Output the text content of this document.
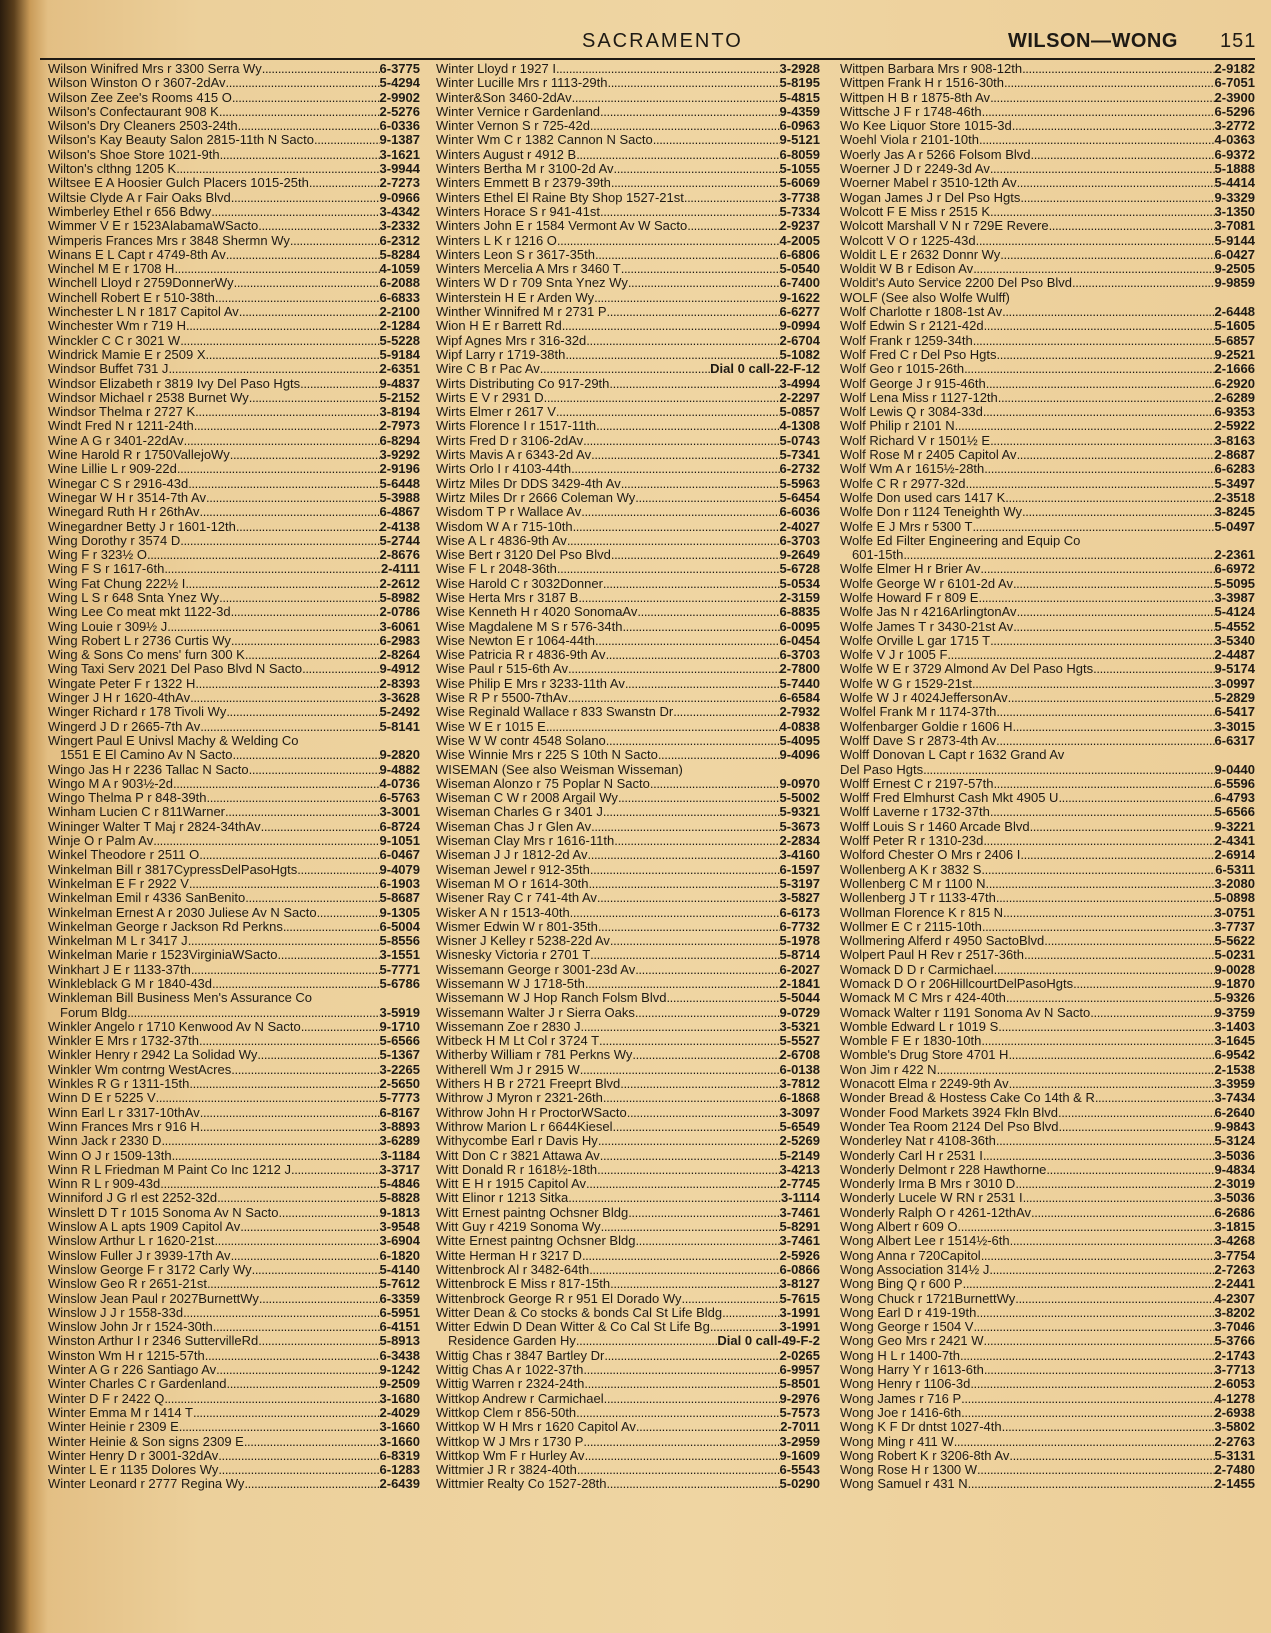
SACRAMENTO	WILSON—WONG 151
Wilson Winifred Mrs r 3300 Serra Wy . . .	6-3775
Wilson Winston O r 3607-2dAv . . .	5-4294
Wilson Zee Zee's Rooms 415 O . . .	2-9902
Wilson's Confectaurant 908 K . . .	2-5276
Wilson's Dry Cleaners 2503-24th . . .	6-0336
Wilson's Kay Beauty Salon 2815-11th N Sacto . . .	9-1387
Wilson's Shoe Store 1021-9th . . .	3-1621
Wilton's clthng 1205 K . . .	3-9944
Wiltsee E A Hoosier Gulch Placers 1015-25th . . .	2-7273
Wiltsie Clyde A r Fair Oaks Blvd . . .	9-0966
Wimberley Ethel r 656 Bdwy . . .	3-4342
Wimmer V E r 1523AlabamaWSacto . . .	3-2332
Wimperis Frances Mrs r 3848 Shermn Wy . . .	6-2312
Winans E L Capt r 4749-8th Av . . .	5-8284
Winchel M E r 1708 H . . .	4-1059
Winchell Lloyd r 2759DonnerWy . . .	6-2088
Winchell Robert E r 510-38th . . .	6-6833
Winchester L N r 1817 Capitol Av . . .	2-2100
Winchester Wm r 719 H . . .	2-1284
Winckler C C r 3021 W . . .	5-5228
Windrick Mamie E r 2509 X . . .	5-9184
Windsor Buffet 731 J . . .	2-6351
Windsor Elizabeth r 3819 Ivy Del Paso Hgts . . .	9-4837
Windsor Michael r 2538 Burnet Wy . . .	5-2152
Windsor Thelma r 2727 K . . .	3-8194
Windt Fred N r 1211-24th . . .	2-7973
Wine A G r 3401-22dAv . . .	6-8294
Wine Harold R r 1750VallejoWy . . .	3-9292
Wine Lillie L r 909-22d . . .	2-9196
Winegar C S r 2916-43d . . .	5-6448
Winegar W H r 3514-7th Av . . .	5-3988
Winegard Ruth H r 26thAv . . .	6-4867
Winegardner Betty J r 1601-12th . . .	2-4138
Wing Dorothy r 3574 D . . .	5-2744
Wing F r 323½ O . . .	2-8676
Wing F S r 1617-6th . . .	2-4111
Wing Fat Chung 222½ I . . .	2-2612
Wing L S r 648 Snta Ynez Wy . . .	5-8982
Wing Lee Co meat mkt 1122-3d . . .	2-0786
Wing Louie r 309½ J . . .	3-6061
Wing Robert L r 2736 Curtis Wy . . .	6-2983
Wing & Sons Co mens' furn 300 K . . .	2-8264
Wing Taxi Serv 2021 Del Paso Blvd N Sacto . . .	9-4912
Wingate Peter F r 1322 H . . .	2-8393
Winger J H r 1620-4thAv . . .	3-3628
Winger Richard r 178 Tivoli Wy . . .	5-2492
Wingerd J D r 2665-7th Av . . .	5-8141
Wingert Paul E Univsl Machy & Welding Co
1551 E El Camino Av N Sacto . . .	9-2820
Wingo Jas H r 2236 Tallac N Sacto . . .	9-4882
Wingo M A r 903½-2d . . .	4-0736
Wingo Thelma P r 848-39th . . .	6-5763
Winham Lucien C r 811Warner . . .	3-3001
Wininger Walter T Maj r 2824-34thAv . . .	6-8724
Winje O r Palm Av . . .	9-1051
Winkel Theodore r 2511 O . . .	6-0467
Winkelman Bill r 3817CypressDelPasoHgts . . .	9-4079
Winkelman E F r 2922 V . . .	6-1903
Winkelman Emil r 4336 SanBenito . . .	5-8687
Winkelman Ernest A r 2030 Juliese Av N Sacto . . .	9-1305
Winkelman George r Jackson Rd Perkns . . .	6-5004
Winkelman M L r 3417 J . . .	5-8556
Winkelman Marie r 1523VirginiaWSacto . . .	3-1551
Winkhart J E r 1133-37th . . .	5-7771
Winkleblack G M r 1840-43d . . .	5-6786
Winkleman Bill Business Men's Assurance Co
Forum Bldg . . .	3-5919
Winkler Angelo r 1710 Kenwood Av N Sacto . . .	9-1710
Winkler E Mrs r 1732-37th . . .	5-6566
Winkler Henry r 2942 La Solidad Wy . . .	5-1367
Winkler Wm contrng WestAcres . . .	3-2265
Winkles R G r 1311-15th . . .	2-5650
Winn D E r 5225 V . . .	5-7773
Winn Earl L r 3317-10thAv . . .	6-8167
Winn Frances Mrs r 916 H . . .	3-8893
Winn Jack r 2330 D . . .	3-6289
Winn O J r 1509-13th . . .	3-1184
Winn R L Friedman M Paint Co Inc 1212 J . . .	3-3717
Winn R L r 909-43d . . .	5-4846
Winniford J G rl est 2252-32d . . .	5-8828
Winslett D T r 1015 Sonoma Av N Sacto . . .	9-1813
Winslow A L apts 1909 Capitol Av . . .	3-9548
Winslow Arthur L r 1620-21st . . .	3-6904
Winslow Fuller J r 3939-17th Av . . .	6-1820
Winslow George F r 3172 Carly Wy . . .	5-4140
Winslow Geo R r 2651-21st . . .	5-7612
Winslow Jean Paul r 2027BurnettWy . . .	6-3359
Winslow J J r 1558-33d . . .	6-5951
Winslow John Jr r 1524-30th . . .	6-4151
Winston Arthur I r 2346 SuttervilleRd . . .	5-8913
Winston Wm H r 1215-57th . . .	6-3438
Winter A G r 226 Santiago Av . . .	9-1242
Winter Charles C r Gardenland . . .	9-2509
Winter D F r 2422 Q . . .	3-1680
Winter Emma M r 1414 T . . .	2-4029
Winter Heinie r 2309 E . . .	3-1660
Winter Heinie & Son signs 2309 E . . .	3-1660
Winter Henry D r 3001-32dAv . . .	6-8319
Winter L E r 1135 Dolores Wy . . .	6-1283
Winter Leonard r 2777 Regina Wy . . .	2-6439
Winter Lloyd r 1927 I . . .	3-2928
Winter Lucille Mrs r 1113-29th . . .	5-8195
Winter&Son 3460-2dAv . . .	5-4815
Winter Vernice r Gardenland . . .	9-4359
Winter Vernon S r 725-42d . . .	6-0963
Winter Wm C r 1382 Cannon N Sacto . . .	9-5121
Winters August r 4912 B . . .	6-8059
Winters Bertha M r 3100-2d Av . . .	5-1055
Winters Emmett B r 2379-39th . . .	5-6069
Winters Ethel El Raine Bty Shop 1527-21st . . .	3-7738
Winters Horace S r 941-41st . . .	5-7334
Winters John E r 1584 Vermont Av W Sacto . . .	2-9237
Winters L K r 1216 O . . .	4-2005
Winters Leon S r 3617-35th . . .	6-6806
Winters Mercelia A Mrs r 3460 T . . .	5-0540
Winters W D r 709 Snta Ynez Wy . . .	6-7400
Winterstein H E r Arden Wy . . .	9-1622
Winther Winnifred M r 2731 P . . .	6-6277
Wion H E r Barrett Rd . . .	9-0994
Wipf Agnes Mrs r 316-32d . . .	2-6704
Wipf Larry r 1719-38th . . .	5-1082
Wire C B r Pac Av . . .	Dial 0 call-22-F-12
Wirts Distributing Co 917-29th . . .	3-4994
Wirts E V r 2931 D . . .	2-2297
Wirts Elmer r 2617 V . . .	5-0857
Wirts Florence I r 1517-11th . . .	4-1308
Wirts Fred D r 3106-2dAv . . .	5-0743
Wirts Mavis A r 6343-2d Av . . .	5-7341
Wirts Orlo I r 4103-44th . . .	6-2732
Wirtz Miles Dr DDS 3429-4th Av . . .	5-5963
Wirtz Miles Dr r 2666 Coleman Wy . . .	5-6454
Wisdom T P r Wallace Av . . .	6-6036
Wisdom W A r 715-10th . . .	2-4027
Wise A L r 4836-9th Av . . .	6-3703
Wise Bert r 3120 Del Pso Blvd . . .	9-2649
Wise F L r 2048-36th . . .	5-6728
Wise Harold C r 3032Donner . . .	5-0534
Wise Herta Mrs r 3187 B . . .	2-3159
Wise Kenneth H r 4020 SonomaAv . . .	6-8835
Wise Magdalene M S r 576-34th . . .	6-0095
Wise Newton E r 1064-44th . . .	6-0454
Wise Patricia R r 4836-9th Av . . .	6-3703
Wise Paul r 515-6th Av . . .	2-7800
Wise Philip E Mrs r 3233-11th Av . . .	5-7440
Wise R P r 5500-7thAv . . .	6-6584
Wise Reginald Wallace r 833 Swanstn Dr . . .	2-7932
Wise W E r 1015 E . . .	4-0838
Wise W W contr 4548 Solano . . .	5-4095
Wise Winnie Mrs r 225 S 10th N Sacto . . .	9-4096
WISEMAN (See also Weisman Wisseman)
Wiseman Alonzo r 75 Poplar N Sacto . . .	9-0970
Wiseman C W r 2008 Argail Wy . . .	5-5002
Wiseman Charles G r 3401 J . . .	5-9321
Wiseman Chas J r Glen Av . . .	5-3673
Wiseman Clay Mrs r 1616-11th . . .	2-2834
Wiseman J J r 1812-2d Av . . .	3-4160
Wiseman Jewel r 912-35th . . .	6-1597
Wiseman M O r 1614-30th . . .	5-3197
Wisener Ray C r 741-4th Av . . .	3-5827
Wisker A N r 1513-40th . . .	6-6173
Wismer Edwin W r 801-35th . . .	6-7732
Wisner J Kelley r 5238-22d Av . . .	5-1978
Wisnesky Victoria r 2701 T . . .	5-8714
Wissemann George r 3001-23d Av . . .	6-2027
Wissemann W J 1718-5th . . .	2-1841
Wissemann W J Hop Ranch Folsm Blvd . . .	5-5044
Wissemann Walter J r Sierra Oaks . . .	9-0729
Wissemann Zoe r 2830 J . . .	3-5321
Witbeck H M Lt Col r 3724 T . . .	5-5527
Witherby William r 781 Perkns Wy . . .	2-6708
Witherell Wm J r 2915 W . . .	6-0138
Withers H B r 2721 Freeprt Blvd . . .	3-7812
Withrow J Myron r 2321-26th . . .	6-1868
Withrow John H r ProctorWSacto . . .	3-3097
Withrow Marion L r 6644Kiesel . . .	5-6549
Withycombe Earl r Davis Hy . . .	2-5269
Witt Don C r 3821 Attawa Av . . .	5-2149
Witt Donald R r 1618½-18th . . .	3-4213
Witt E H r 1915 Capitol Av . . .	2-7745
Witt Elinor r 1213 Sitka . . .	3-1114
Witt Ernest paintng Ochsner Bldg . . .	3-7461
Witt Guy r 4219 Sonoma Wy . . .	5-8291
Witte Ernest paintng Ochsner Bldg . . .	3-7461
Witte Herman H r 3217 D . . .	2-5926
Wittenbrock Al r 3482-64th . . .	6-0866
Wittenbrock E Miss r 817-15th . . .	3-8127
Wittenbrock George R r 951 El Dorado Wy . . .	5-7615
Witter Dean & Co stocks & bonds Cal St Life Bldg . . .	3-1991
Witter Edwin D Dean Witter & Co Cal St Life Bg . . .	3-1991
Residence Garden Hy . . .	Dial 0 call-49-F-2
Wittig Chas r 3847 Bartley Dr . . .	2-0265
Wittig Chas A r 1022-37th . . .	6-9957
Wittig Warren r 2324-24th . . .	5-8501
Wittkop Andrew r Carmichael . . .	9-2976
Wittkop Clem r 856-50th . . .	5-7573
Wittkop W H Mrs r 1620 Capitol Av . . .	2-7011
Wittkop W J Mrs r 1730 P . . .	3-2959
Wittkop Wm F r Hurley Av . . .	9-1609
Wittmier J R r 3824-40th . . .	6-5543
Wittmier Realty Co 1527-28th . . .	5-0290
Wittpen Barbara Mrs r 908-12th . . .	2-9182
Wittpen Frank H r 1516-30th . . .	6-7051
Wittpen H B r 1875-8th Av . . .	2-3900
Wittsche J F r 1748-46th . . .	6-5296
Wo Kee Liquor Store 1015-3d . . .	3-2772
Woehl Viola r 2101-10th . . .	4-0363
Woerly Jas A r 5266 Folsom Blvd . . .	6-9372
Woerner J D r 2249-3d Av . . .	5-1888
Woerner Mabel r 3510-12th Av . . .	5-4414
Wogan James J r Del Pso Hgts . . .	9-3329
Wolcott F E Miss r 2515 K . . .	3-1350
Wolcott Marshall V N r 729E Revere . . .	3-7081
Wolcott V O r 1225-43d . . .	5-9144
Woldit L E r 2632 Donnr Wy . . .	6-0427
Woldit W B r Edison Av . . .	9-2505
Woldit's Auto Service 2200 Del Pso Blvd . . .	9-9859
WOLF (See also Wolfe Wulff)
Wolf Charlotte r 1808-1st Av . . .	2-6448
Wolf Edwin S r 2121-42d . . .	5-1605
Wolf Frank r 1259-34th . . .	5-6857
Wolf Fred C r Del Pso Hgts . . .	9-2521
Wolf Geo r 1015-26th . . .	2-1666
Wolf George J r 915-46th . . .	6-2920
Wolf Lena Miss r 1127-12th . . .	2-6289
Wolf Lewis Q r 3084-33d . . .	6-9353
Wolf Philip r 2101 N . . .	2-5922
Wolf Richard V r 1501½ E . . .	3-8163
Wolf Rose M r 2405 Capitol Av . . .	2-8687
Wolf Wm A r 1615½-28th . . .	6-6283
Wolfe C R r 2977-32d . . .	5-3497
Wolfe Don used cars 1417 K . . .	2-3518
Wolfe Don r 1124 Teneighth Wy . . .	3-8245
Wolfe E J Mrs r 5300 T . . .	5-0497
Wolfe Ed Filter Engineering and Equip Co
601-15th . . .	2-2361
Wolfe Elmer H r Brier Av . . .	6-6972
Wolfe George W r 6101-2d Av . . .	5-5095
Wolfe Howard F r 809 E . . .	3-3987
Wolfe Jas N r 4216ArlingtonAv . . .	5-4124
Wolfe James T r 3430-21st Av . . .	5-4552
Wolfe Orville L gar 1715 T . . .	3-5340
Wolfe V J r 1005 F . . .	2-4487
Wolfe W E r 3729 Almond Av Del Paso Hgts . . .	9-5174
Wolfe W G r 1529-21st . . .	3-0997
Wolfe W J r 4024JeffersonAv . . .	5-2829
Wolfel Frank M r 1174-37th . . .	6-5417
Wolfenbarger Goldie r 1606 H . . .	3-3015
Wolff Dave S r 2873-4th Av . . .	6-6317
Wolff Donovan L Capt r 1632 Grand Av
Del Paso Hgts . . .	9-0440
Wolff Ernest C r 2197-57th . . .	6-5596
Wolff Fred Elmhurst Cash Mkt 4905 U . . .	6-4793
Wolff Laverne r 1732-37th . . .	5-6566
Wolff Louis S r 1460 Arcade Blvd . . .	9-3221
Wolff Peter R r 1310-23d . . .	2-4341
Wolford Chester O Mrs r 2406 I . . .	2-6914
Wollenberg A K r 3832 S . . .	6-5311
Wollenberg C M r 1100 N . . .	3-2080
Wollenberg J T r 1133-47th . . .	5-0898
Wollman Florence K r 815 N . . .	3-0751
Wollmer E C r 2115-10th . . .	3-7737
Wollmering Alferd r 4950 SactoBlvd . . .	5-5622
Wolpert Paul H Rev r 2517-36th . . .	5-0231
Womack D D r Carmichael . . .	9-0028
Womack D O r 206HillcourtDelPasoHgts . . .	9-1870
Womack M C Mrs r 424-40th . . .	5-9326
Womack Walter r 1191 Sonoma Av N Sacto . . .	9-3759
Womble Edward L r 1019 S . . .	3-1403
Womble F E r 1830-10th . . .	3-1645
Womble's Drug Store 4701 H . . .	6-9542
Won Jim r 422 N . . .	2-1538
Wonacott Elma r 2249-9th Av . . .	3-3959
Wonder Bread & Hostess Cake Co 14th & R . . .	3-7434
Wonder Food Markets 3924 Fkln Blvd . . .	6-2640
Wonder Tea Room 2124 Del Pso Blvd . . .	9-9843
Wonderley Nat r 4108-36th . . .	5-3124
Wonderly Carl H r 2531 I . . .	3-5036
Wonderly Delmont r 228 Hawthorne . . .	9-4834
Wonderly Irma B Mrs r 3010 D . . .	2-3019
Wonderly Lucele W RN r 2531 I . . .	3-5036
Wonderly Ralph O r 4261-12thAv . . .	6-2686
Wong Albert r 609 O . . .	3-1815
Wong Albert Lee r 1514½-6th . . .	3-4268
Wong Anna r 720Capitol . . .	3-7754
Wong Association 314½ J . . .	2-7263
Wong Bing Q r 600 P . . .	2-2441
Wong Chuck r 1721BurnettWy . . .	4-2307
Wong Earl D r 419-19th . . .	3-8202
Wong George r 1504 V . . .	3-7046
Wong Geo Mrs r 2421 W . . .	5-3766
Wong H L r 1400-7th . . .	2-1743
Wong Harry Y r 1613-6th . . .	3-7713
Wong Henry r 1106-3d . . .	2-6053
Wong James r 716 P . . .	4-1278
Wong Joe r 1416-6th . . .	2-6938
Wong K F Dr dntst 1027-4th . . .	3-5802
Wong Ming r 411 W . . .	2-2763
Wong Robert K r 3206-8th Av . . .	5-3131
Wong Rose H r 1300 W . . .	2-7480
Wong Samuel r 431 N . . .	2-1455
